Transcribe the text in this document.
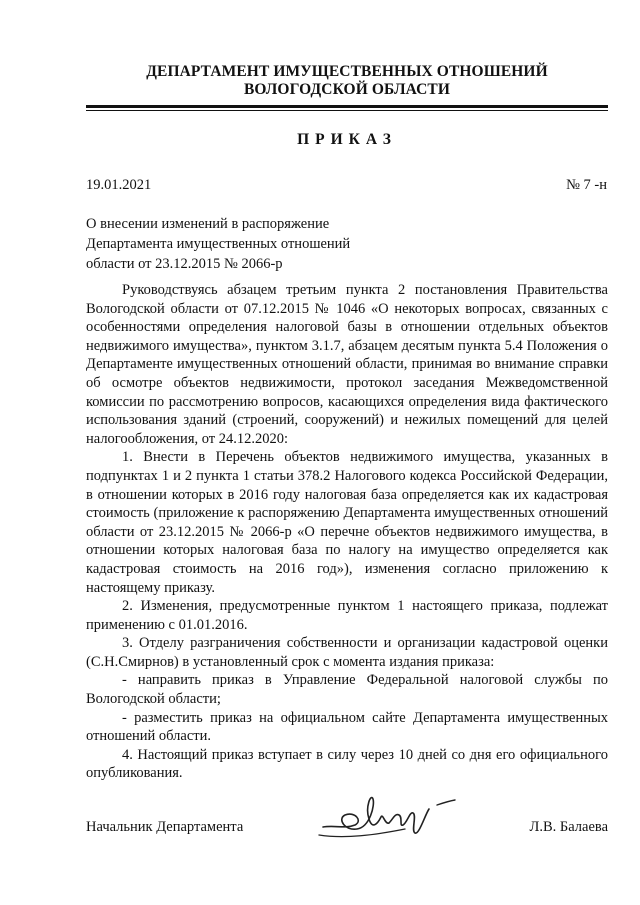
ДЕПАРТАМЕНТ ИМУЩЕСТВЕННЫХ ОТНОШЕНИЙ
ВОЛОГОДСКОЙ ОБЛАСТИ
ПРИКАЗ
19.01.2021	№ 7 -н
О внесении изменений в распоряжение
Департамента имущественных отношений
области от 23.12.2015 № 2066-р

Руководствуясь абзацем третьим пункта 2 постановления Правительства Вологодской области от 07.12.2015 № 1046 «О некоторых вопросах, связанных с особенностями определения налоговой базы в отношении отдельных объектов недвижимого имущества», пунктом 3.1.7, абзацем десятым пункта 5.4 Положения о Департаменте имущественных отношений области, принимая во внимание справки об осмотре объектов недвижимости, протокол заседания Межведомственной комиссии по рассмотрению вопросов, касающихся определения вида фактического использования зданий (строений, сооружений) и нежилых помещений для целей налогообложения, от 24.12.2020:

1. Внести в Перечень объектов недвижимого имущества, указанных в подпунктах 1 и 2 пункта 1 статьи 378.2 Налогового кодекса Российской Федерации, в отношении которых в 2016 году налоговая база определяется как их кадастровая стоимость (приложение к распоряжению Департамента имущественных отношений области от 23.12.2015 № 2066-р «О перечне объектов недвижимого имущества, в отношении которых налоговая база по налогу на имущество определяется как кадастровая стоимость на 2016 год»), изменения согласно приложению к настоящему приказу.

2. Изменения, предусмотренные пунктом 1 настоящего приказа, подлежат применению с 01.01.2016.

3. Отделу разграничения собственности и организации кадастровой оценки (С.Н.Смирнов) в установленный срок с момента издания приказа:

- направить приказ в Управление Федеральной налоговой службы по Вологодской области;

- разместить приказ на официальном сайте Департамента имущественных отношений области.

4. Настоящий приказ вступает в силу через 10 дней со дня его официального опубликования.

Начальник Департамента	Л.В. Балаева
